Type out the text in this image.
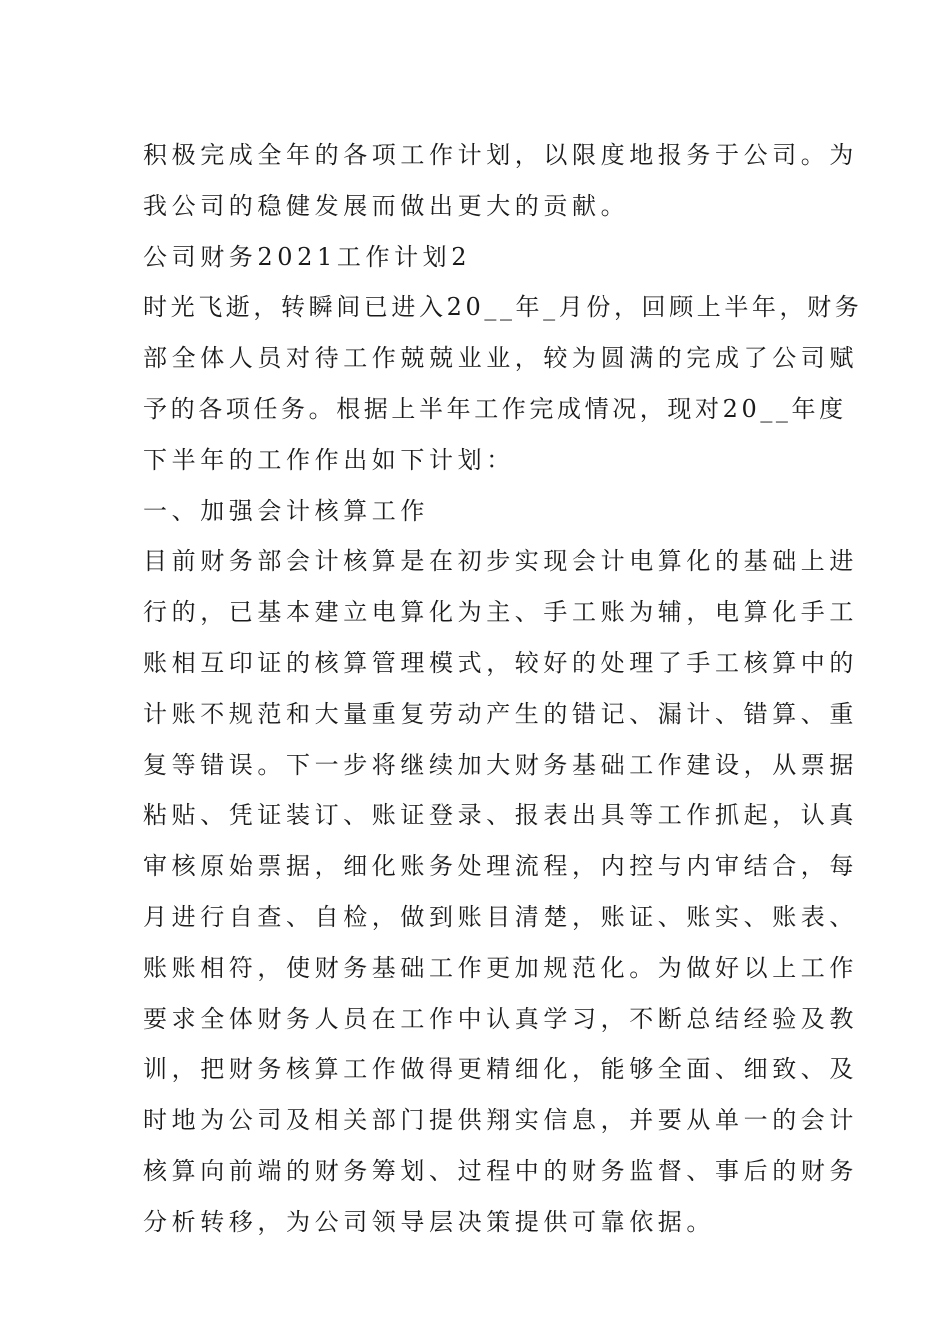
积极完成全年的各项工作计划，以限度地报务于公司。为
我公司的稳健发展而做出更大的贡献。
公司财务2021工作计划2
时光飞逝，转瞬间已进入20__年_月份，回顾上半年，财务
部全体人员对待工作兢兢业业，较为圆满的完成了公司赋
予的各项任务。根据上半年工作完成情况，现对20__年度
下半年的工作作出如下计划：
一、加强会计核算工作
目前财务部会计核算是在初步实现会计电算化的基础上进
行的，已基本建立电算化为主、手工账为辅，电算化手工
账相互印证的核算管理模式，较好的处理了手工核算中的
计账不规范和大量重复劳动产生的错记、漏计、错算、重
复等错误。下一步将继续加大财务基础工作建设，从票据
粘贴、凭证装订、账证登录、报表出具等工作抓起，认真
审核原始票据，细化账务处理流程，内控与内审结合，每
月进行自查、自检，做到账目清楚，账证、账实、账表、
账账相符，使财务基础工作更加规范化。为做好以上工作
要求全体财务人员在工作中认真学习，不断总结经验及教
训，把财务核算工作做得更精细化，能够全面、细致、及
时地为公司及相关部门提供翔实信息，并要从单一的会计
核算向前端的财务筹划、过程中的财务监督、事后的财务
分析转移，为公司领导层决策提供可靠依据。
